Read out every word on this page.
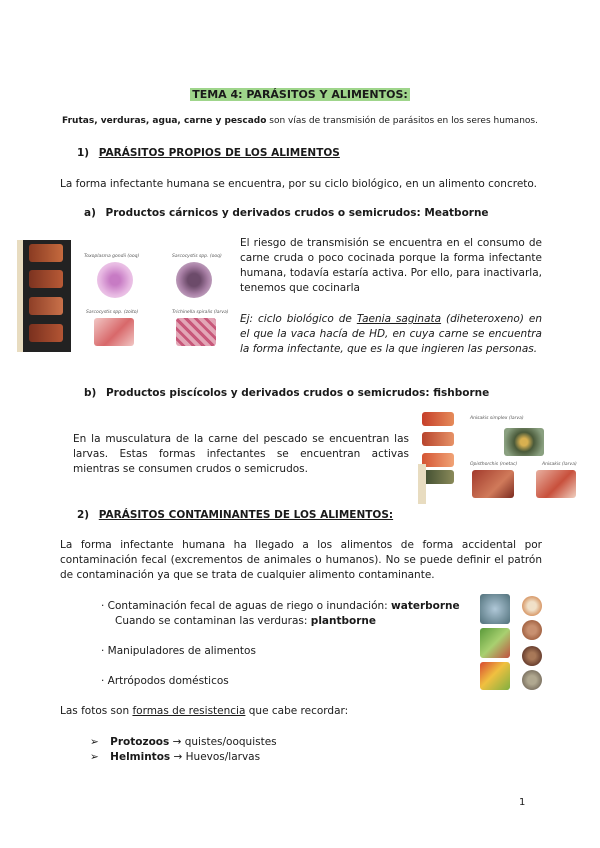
TEMA 4: PARÁSITOS Y ALIMENTOS:
Frutas, verduras, agua, carne y pescado son vías de transmisión de parásitos en los seres humanos.
1) PARÁSITOS PROPIOS DE LOS ALIMENTOS
La forma infectante humana se encuentra, por su ciclo biológico, en un alimento concreto.
a) Productos cárnicos y derivados crudos o semicrudos: Meatborne
Toxoplasma gondii (ooq)	Sarcocystis spp. (ooq)
Sarcocystis spp. (zoito)	Trichinella spiralis (larva)
El riesgo de transmisión se encuentra en el consumo de carne cruda o poco cocinada porque la forma infectante humana, todavía estaría activa. Por ello, para inactivarla, tenemos que cocinarla
Ej: ciclo biológico de Taenia saginata (diheteroxeno) en el que la vaca hacía de HD, en cuya carne se encuentra la forma infectante, que es la que ingieren las personas.
b) Productos piscícolos y derivados crudos o semicrudos: fishborne
En la musculatura de la carne del pescado se encuentran las larvas. Estas formas infectantes se encuentran activas mientras se consumen crudos o semicrudos.
Anisakis simplex (larva)
Opisthorchis (metac)	Anisakis (larva)
2) PARÁSITOS CONTAMINANTES DE LOS ALIMENTOS:
La forma infectante humana ha llegado a los alimentos de forma accidental por contaminación fecal (excrementos de animales o humanos). No se puede definir el patrón de contaminación ya que se trata de cualquier alimento contaminante.
· Contaminación fecal de aguas de riego o inundación: waterborne
Cuando se contaminan las verduras: plantborne
· Manipuladores de alimentos
· Artrópodos domésticos
Las fotos son formas de resistencia que cabe recordar:
➢ Protozoos → quistes/ooquistes
➢ Helmintos → Huevos/larvas
1
